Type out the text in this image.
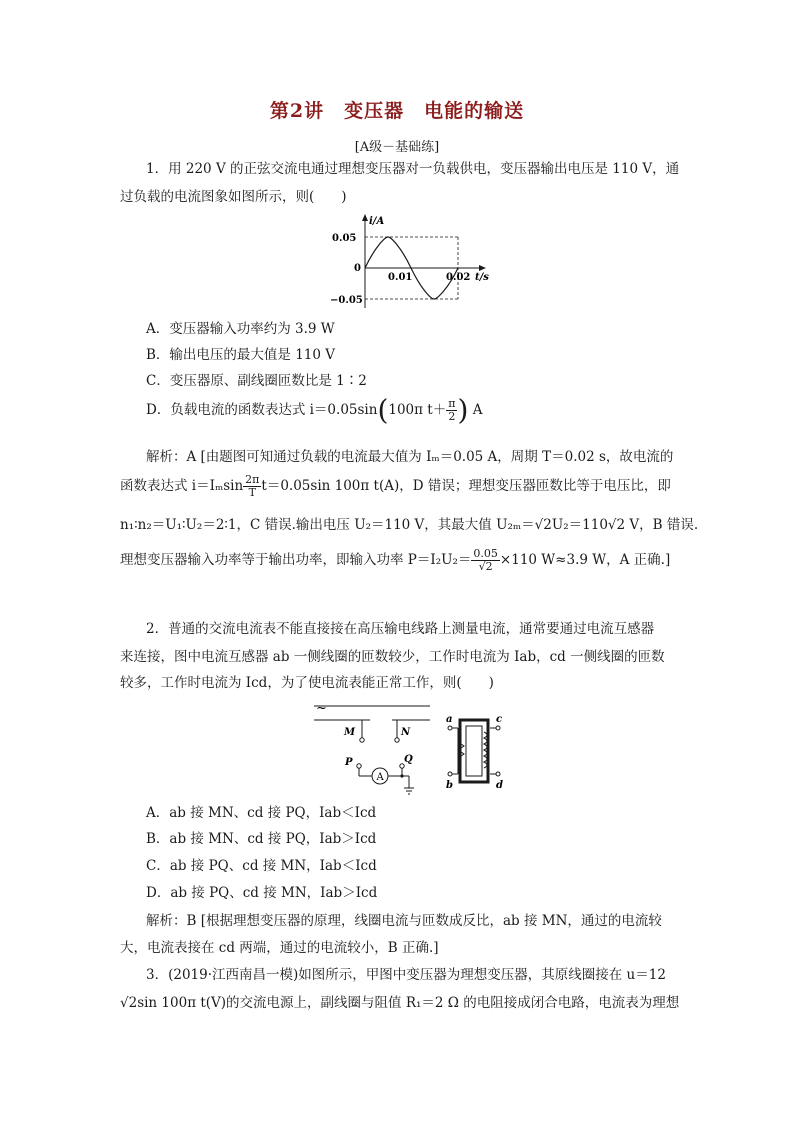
第2讲　变压器　电能的输送
[A级－基础练]
1．用 220 V 的正弦交流电通过理想变压器对一负载供电，变压器输出电压是 110 V，通
过负载的电流图象如图所示，则(　　)
i/A
0.05
0
−0.05
0.01	0.02 t/s
A．变压器输入功率约为 3.9 W
B．输出电压的最大值是 110 V
C．变压器原、副线圈匝数比是 1∶2
D．负载电流的函数表达式 i＝0.05sin(100π $t+ \frac{\pi}{2}$ ) A
解析：A [由题图可知通过负载的电流最大值为 Iₘ＝0.05 A，周期 T＝0.02 s，故电流的
函数表达式 $i=I_m\sin \frac{2\pi}{T} t=0.05\sin$ 100π t(A)，D 错误；理想变压器匝数比等于电压比，即
n₁∶n₂＝U₁∶U₂＝2∶1，C 错误.输出电压 U₂＝110 V，其最大值 U₂ₘ＝√2U₂＝110√2 V，B 错误.
理想变压器输入功率等于输出功率，即输入功率 $P=I_2U_2= \frac{0.05}{√2} \times 110$ W≈3.9 W，A 正确.]
2．普通的交流电流表不能直接接在高压输电线路上测量电流，通常要通过电流互感器
来连接，图中电流互感器 ab 一侧线圈的匝数较少，工作时电流为 Iab，cd 一侧线圈的匝数
较多，工作时电流为 Icd，为了使电流表能正常工作，则(　　)
~
M	N
P	Q
A
a
b
c
d
A．ab 接 MN、cd 接 PQ，Iab＜Icd
B．ab 接 MN、cd 接 PQ，Iab＞Icd
C．ab 接 PQ、cd 接 MN，Iab＜Icd
D．ab 接 PQ、cd 接 MN，Iab＞Icd
解析：B [根据理想变压器的原理，线圈电流与匝数成反比，ab 接 MN，通过的电流较
大，电流表接在 cd 两端，通过的电流较小，B 正确.]
3．(2019·江西南昌一模)如图所示，甲图中变压器为理想变压器，其原线圈接在 u＝12
√2sin 100π t(V)的交流电源上，副线圈与阻值 R₁＝2 Ω 的电阻接成闭合电路，电流表为理想
